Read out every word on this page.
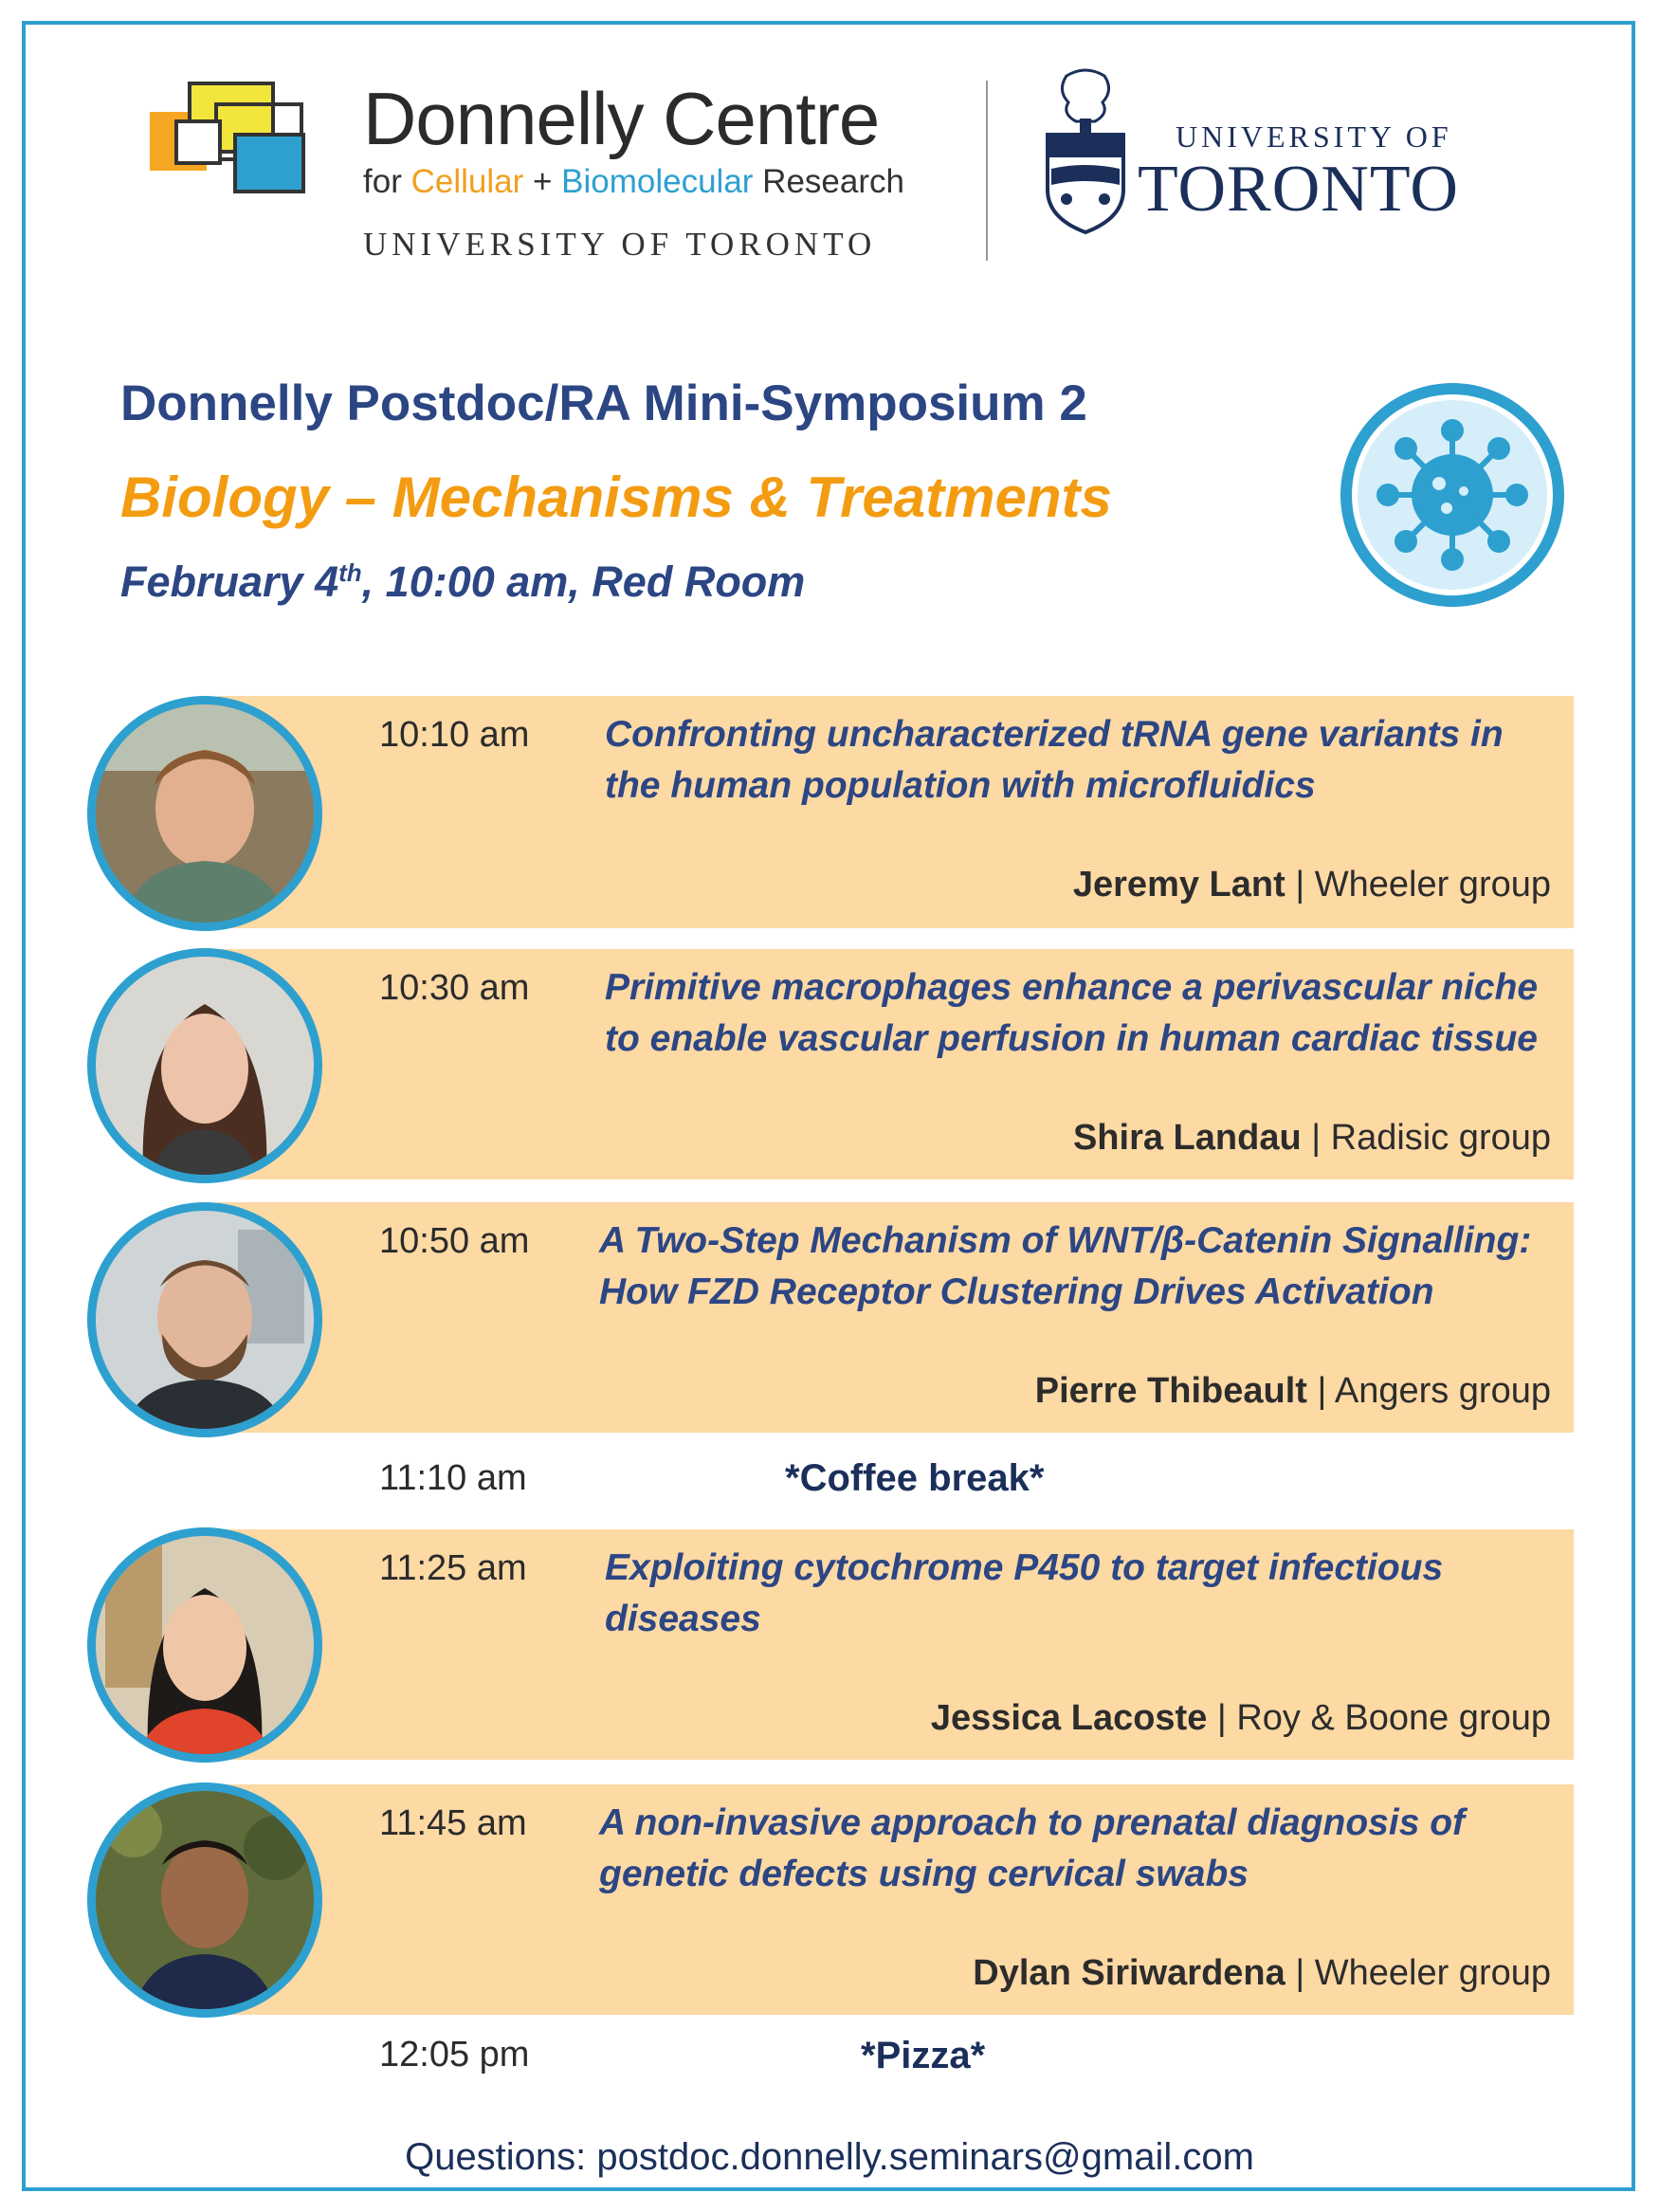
Donnelly Centre
for Cellular + Biomolecular Research
UNIVERSITY OF TORONTO
UNIVERSITY OF
TORONTO
Donnelly Postdoc/RA Mini-Symposium 2
Biology – Mechanisms & Treatments
February 4th, 10:00 am, Red Room
10:10 am Confronting uncharacterized tRNA gene variants in the human population with microfluidics
Jeremy Lant | Wheeler group
10:30 am Primitive macrophages enhance a perivascular niche to enable vascular perfusion in human cardiac tissue
Shira Landau | Radisic group
10:50 am A Two-Step Mechanism of WNT/β-Catenin Signalling: How FZD Receptor Clustering Drives Activation
Pierre Thibeault | Angers group
11:10 am	*Coffee break*
11:25 am Exploiting cytochrome P450 to target infectious diseases
Jessica Lacoste | Roy & Boone group
11:45 am A non-invasive approach to prenatal diagnosis of genetic defects using cervical swabs
Dylan Siriwardena | Wheeler group
12:05 pm	*Pizza*
Questions: postdoc.donnelly.seminars@gmail.com
